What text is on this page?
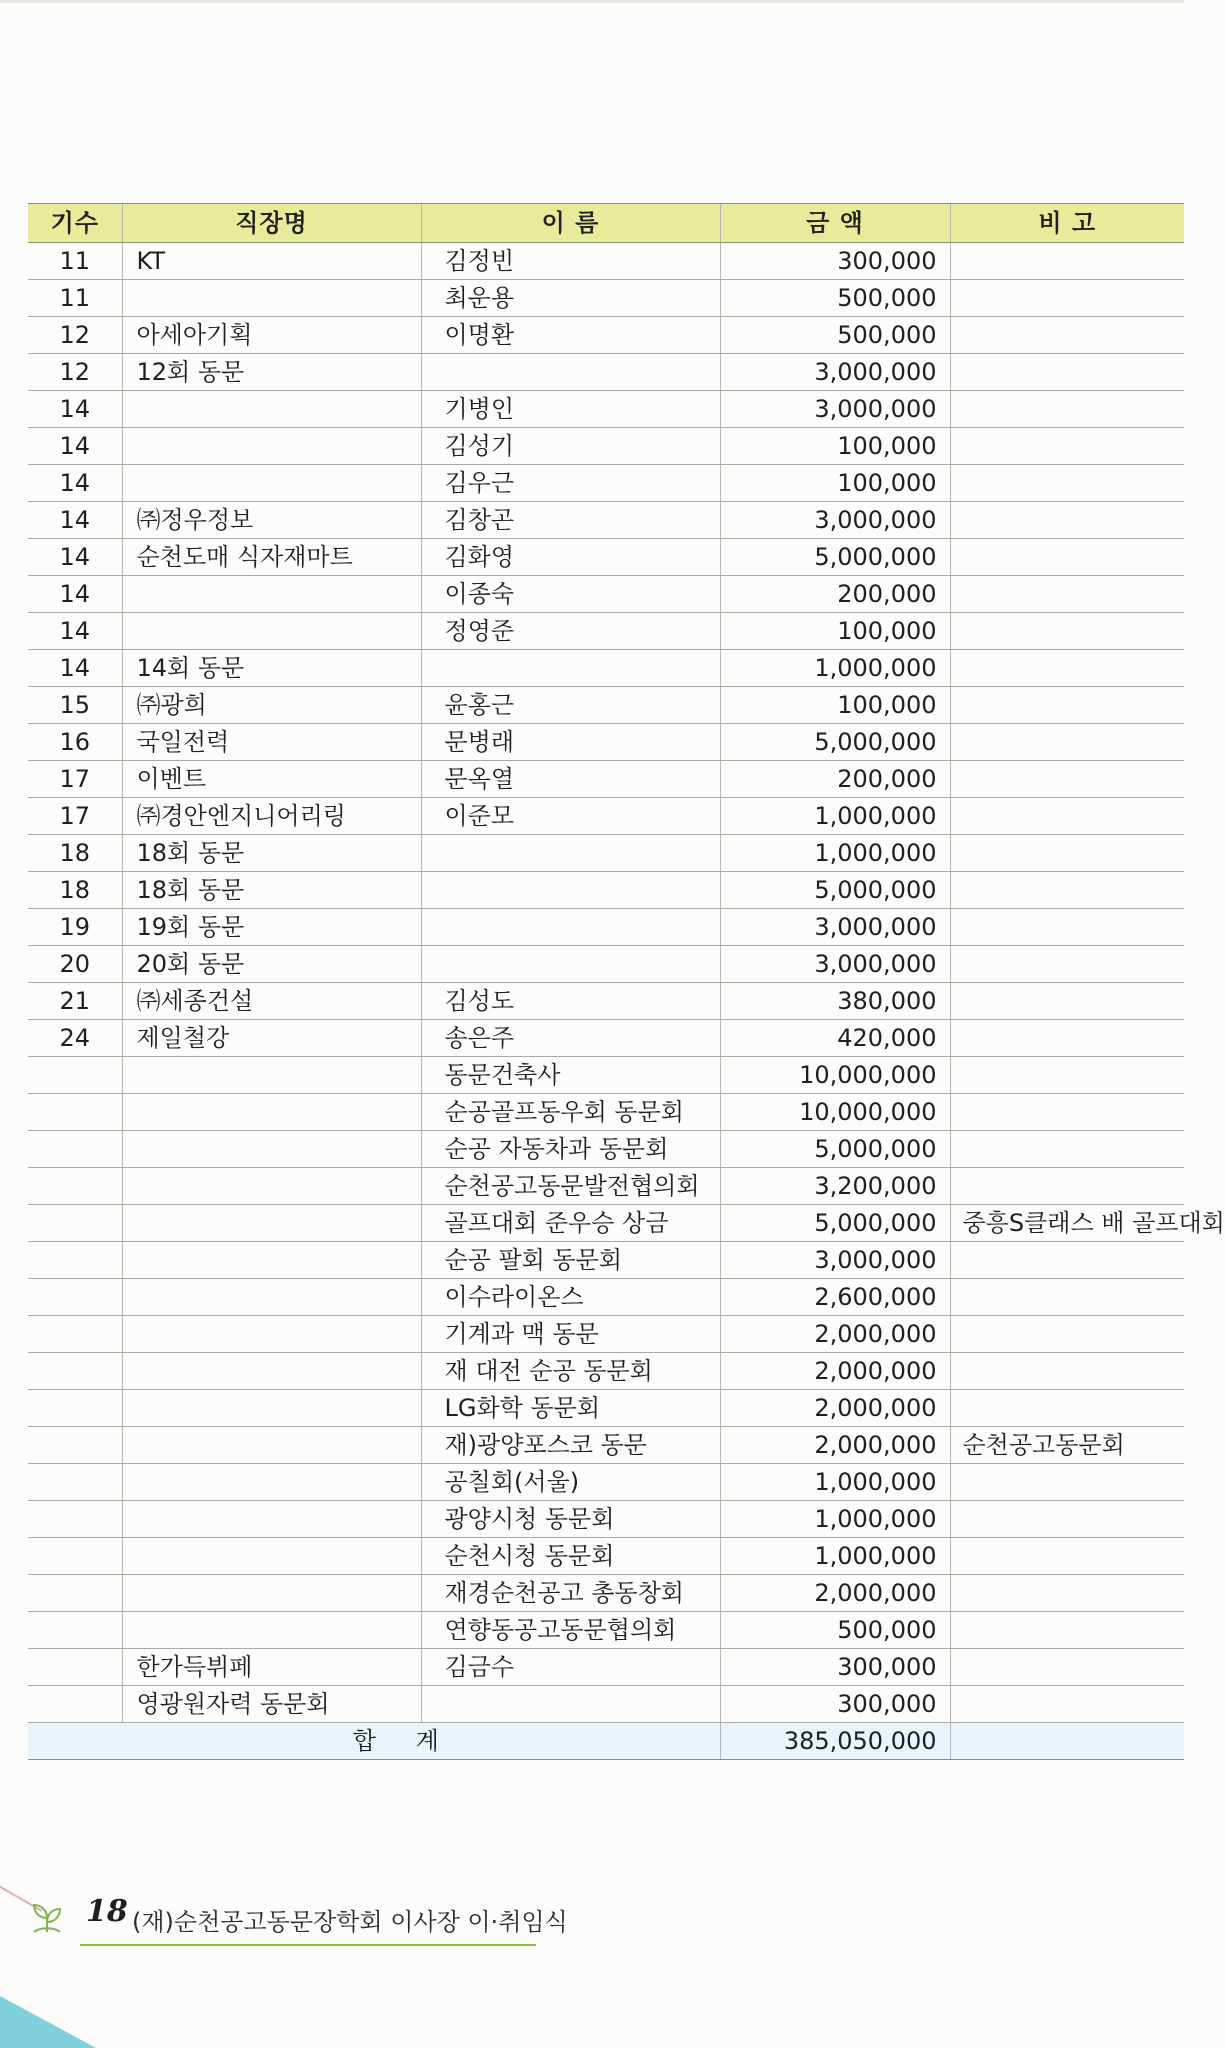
기수	직장명	이 름	금 액	비 고
11	KT	김정빈	300,000	
11		최운용	500,000	
12	아세아기획	이명환	500,000	
12	12회 동문		3,000,000	
14		기병인	3,000,000	
14		김성기	100,000	
14		김우근	100,000	
14	㈜정우정보	김창곤	3,000,000	
14	순천도매 식자재마트	김화영	5,000,000	
14		이종숙	200,000	
14		정영준	100,000	
14	14회 동문		1,000,000	
15	㈜광희	윤홍근	100,000	
16	국일전력	문병래	5,000,000	
17	이벤트	문옥열	200,000	
17	㈜경안엔지니어리링	이준모	1,000,000	
18	18회 동문		1,000,000	
18	18회 동문		5,000,000	
19	19회 동문		3,000,000	
20	20회 동문		3,000,000	
21	㈜세종건설	김성도	380,000	
24	제일철강	송은주	420,000	
		동문건축사	10,000,000	
		순공골프동우회 동문회	10,000,000	
		순공 자동차과 동문회	5,000,000	
		순천공고동문발전협의회	3,200,000	
		골프대회 준우승 상금	5,000,000	중흥S클래스 배 골프대회
		순공 팔회 동문회	3,000,000	
		이수라이온스	2,600,000	
		기계과 맥 동문	2,000,000	
		재 대전 순공 동문회	2,000,000	
		LG화학 동문회	2,000,000	
		재)광양포스코 동문	2,000,000	순천공고동문회
		공칠회(서울)	1,000,000	
		광양시청 동문회	1,000,000	
		순천시청 동문회	1,000,000	
		재경순천공고 총동창회	2,000,000	
		연향동공고동문협의회	500,000	
	한가득뷔페	김금수	300,000	
	영광원자력 동문회		300,000	
합 계			385,050,000	
18 (재)순천공고동문장학회 이사장 이·취임식
